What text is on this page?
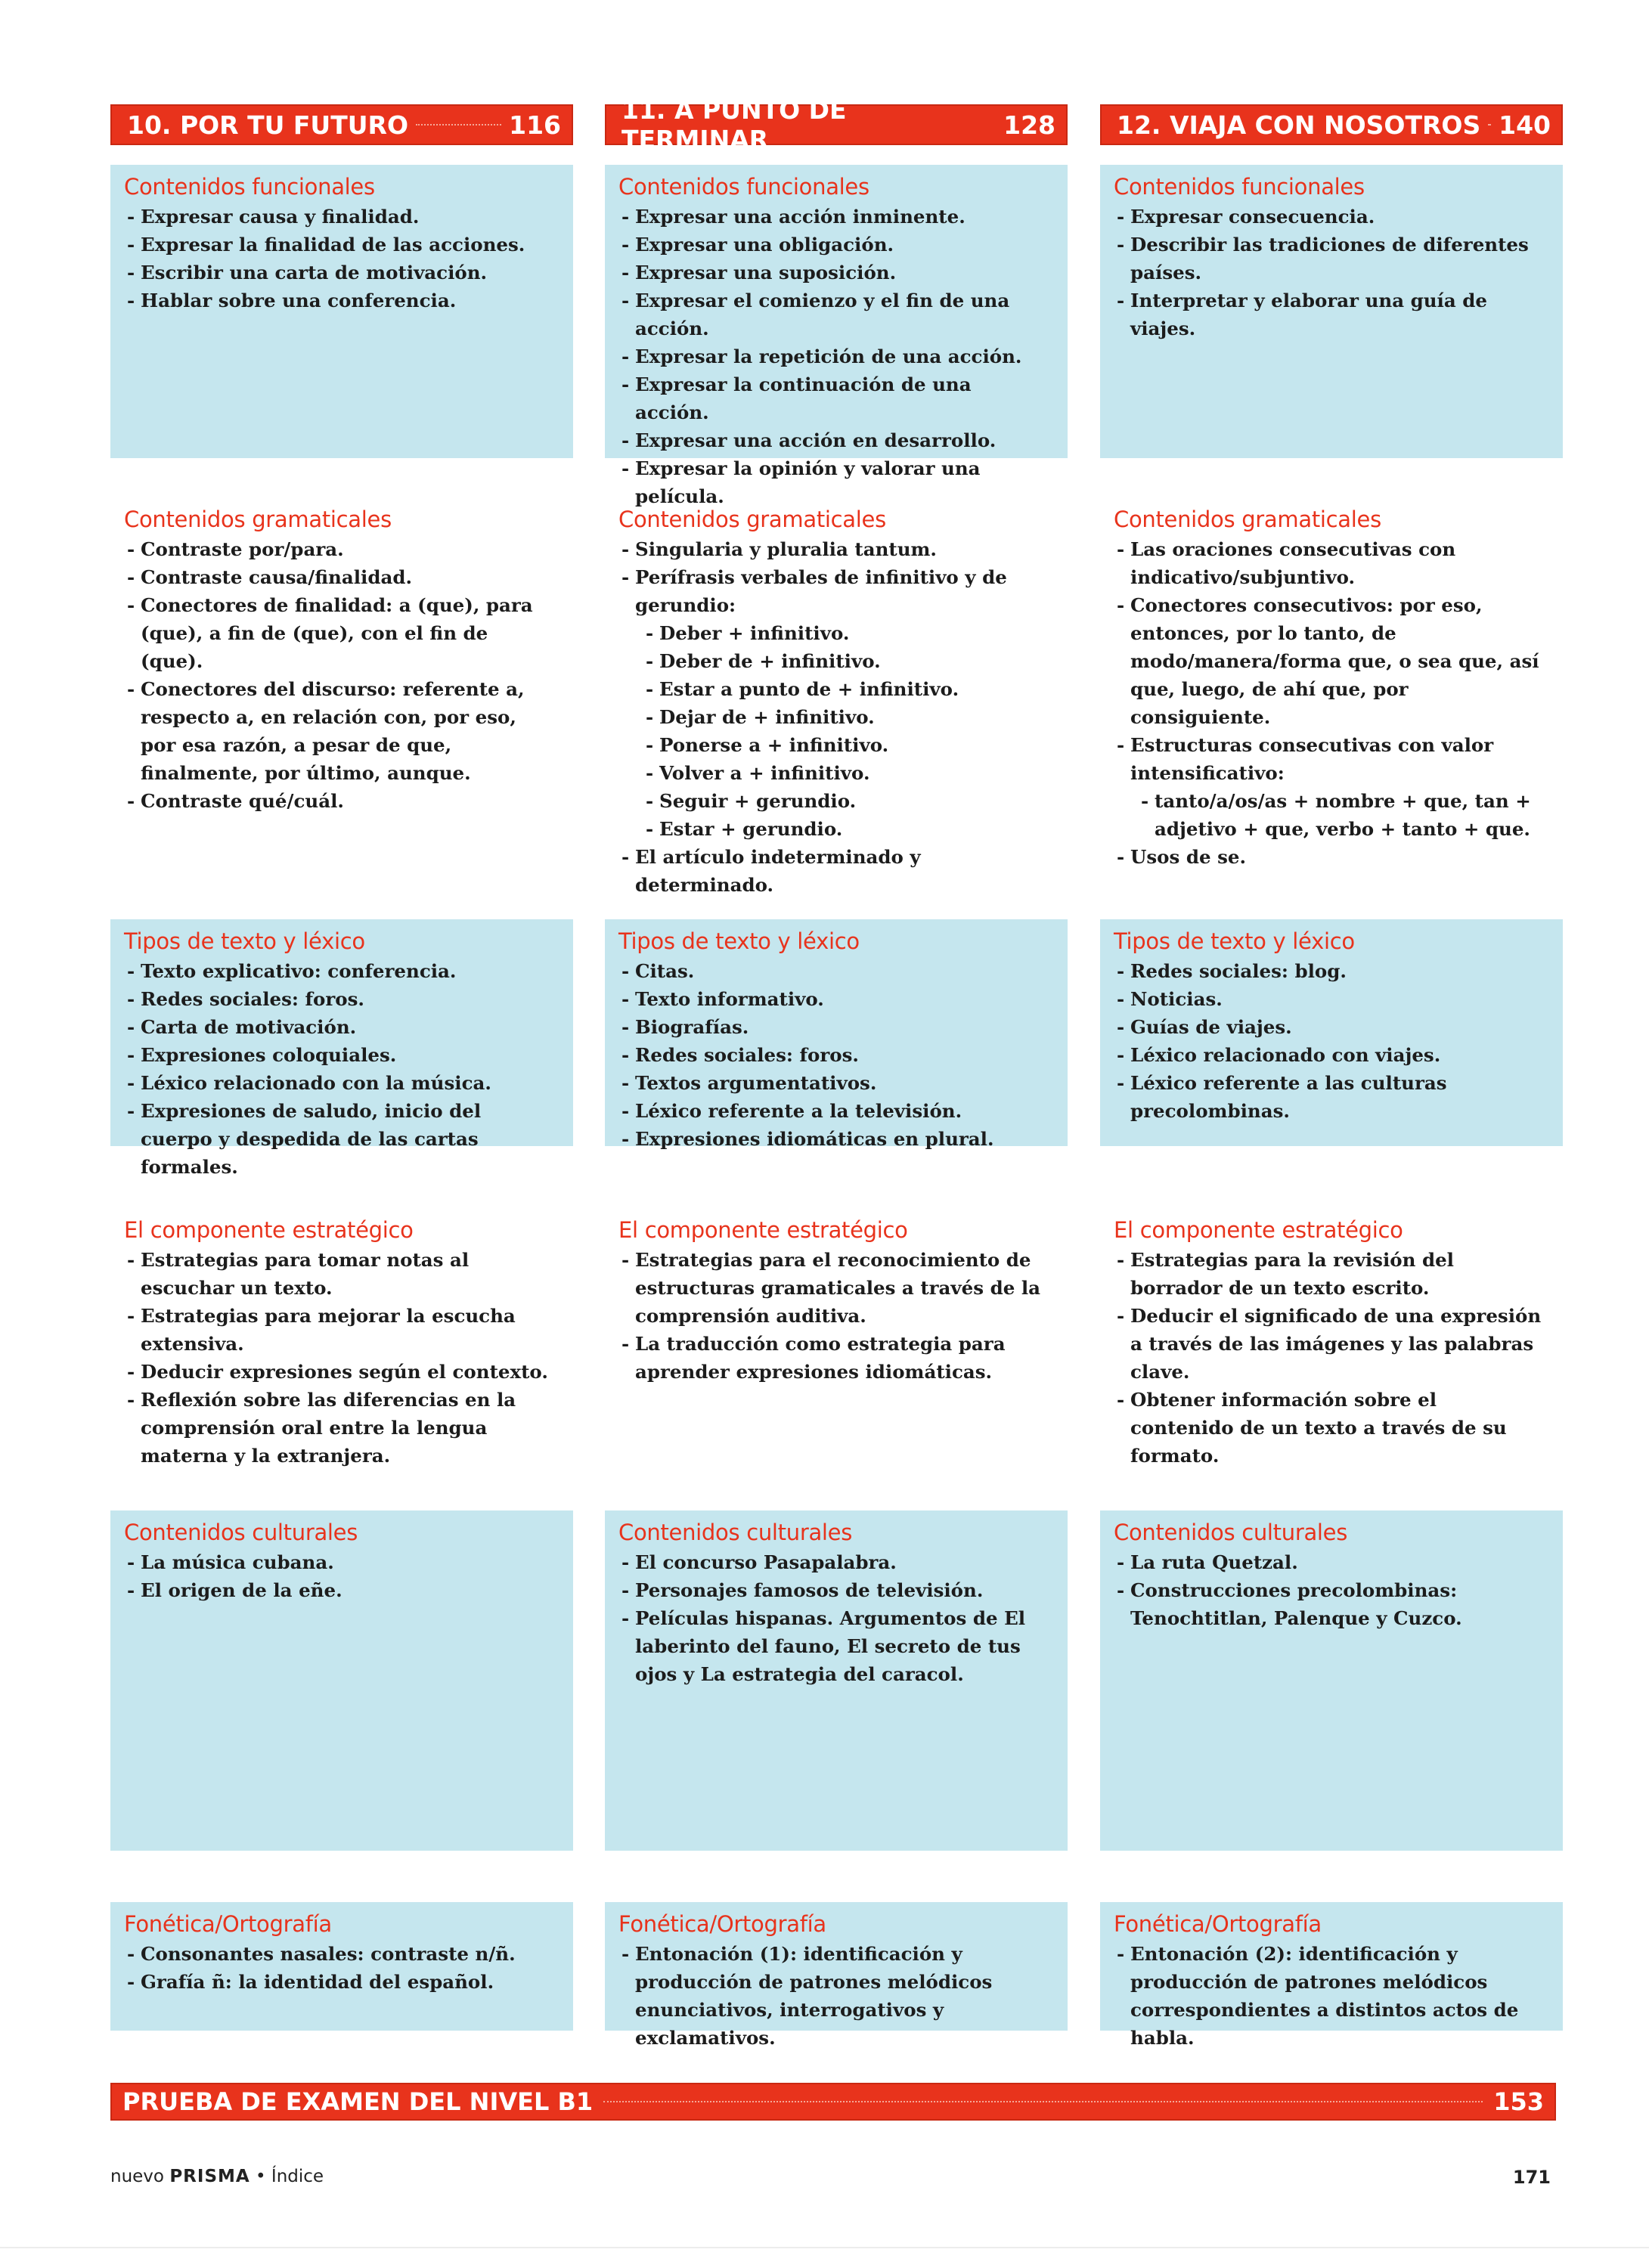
10. POR TU FUTURO	116
Contenidos funcionales
- Expresar causa y finalidad.
- Expresar la finalidad de las acciones.
- Escribir una carta de motivación.
- Hablar sobre una conferencia.
Contenidos gramaticales
- Contraste por/para.
- Contraste causa/finalidad.
- Conectores de finalidad: a (que), para (que), a fin de (que), con el fin de (que).
- Conectores del discurso: referente a, respecto a, en relación con, por eso, por esa razón, a pesar de que, finalmente, por último, aunque.
- Contraste qué/cuál.
Tipos de texto y léxico
- Texto explicativo: conferencia.
- Redes sociales: foros.
- Carta de motivación.
- Expresiones coloquiales.
- Léxico relacionado con la música.
- Expresiones de saludo, inicio del cuerpo y despedida de las cartas formales.
El componente estratégico
- Estrategias para tomar notas al escuchar un texto.
- Estrategias para mejorar la escucha extensiva.
- Deducir expresiones según el contexto.
- Reflexión sobre las diferencias en la comprensión oral entre la lengua materna y la extranjera.
Contenidos culturales
- La música cubana.
- El origen de la eñe.
Fonética/Ortografía
- Consonantes nasales: contraste n/ñ.
- Grafía ñ: la identidad del español.
11. A PUNTO DE TERMINAR	128
Contenidos funcionales
- Expresar una acción inminente.
- Expresar una obligación.
- Expresar una suposición.
- Expresar el comienzo y el fin de una acción.
- Expresar la repetición de una acción.
- Expresar la continuación de una acción.
- Expresar una acción en desarrollo.
- Expresar la opinión y valorar una película.
Contenidos gramaticales
- Singularia y pluralia tantum.
- Perífrasis verbales de infinitivo y de gerundio:
- Deber + infinitivo.
- Deber de + infinitivo.
- Estar a punto de + infinitivo.
- Dejar de + infinitivo.
- Ponerse a + infinitivo.
- Volver a + infinitivo.
- Seguir + gerundio.
- Estar + gerundio.
- El artículo indeterminado y determinado.
Tipos de texto y léxico
- Citas.
- Texto informativo.
- Biografías.
- Redes sociales: foros.
- Textos argumentativos.
- Léxico referente a la televisión.
- Expresiones idiomáticas en plural.
El componente estratégico
- Estrategias para el reconocimiento de estructuras gramaticales a través de la comprensión auditiva.
- La traducción como estrategia para aprender expresiones idiomáticas.
Contenidos culturales
- El concurso Pasapalabra.
- Personajes famosos de televisión.
- Películas hispanas. Argumentos de El laberinto del fauno, El secreto de tus ojos y La estrategia del caracol.
Fonética/Ortografía
- Entonación (1): identificación y producción de patrones melódicos enunciativos, interrogativos y exclamativos.
12. VIAJA CON NOSOTROS 140
Contenidos funcionales
- Expresar consecuencia.
- Describir las tradiciones de diferentes países.
- Interpretar y elaborar una guía de viajes.
Contenidos gramaticales
- Las oraciones consecutivas con indicativo/subjuntivo.
- Conectores consecutivos: por eso, entonces, por lo tanto, de modo/manera/forma que, o sea que, así que, luego, de ahí que, por consiguiente.
- Estructuras consecutivas con valor intensificativo:
- tanto/a/os/as + nombre + que, tan + adjetivo + que, verbo + tanto + que.
- Usos de se.
Tipos de texto y léxico
- Redes sociales: blog.
- Noticias.
- Guías de viajes.
- Léxico relacionado con viajes.
- Léxico referente a las culturas precolombinas.
El componente estratégico
- Estrategias para la revisión del borrador de un texto escrito.
- Deducir el significado de una expresión a través de las imágenes y las palabras clave.
- Obtener información sobre el contenido de un texto a través de su formato.
Contenidos culturales
- La ruta Quetzal.
- Construcciones precolombinas: Tenochtitlan, Palenque y Cuzco.
Fonética/Ortografía
- Entonación (2): identificación y producción de patrones melódicos correspondientes a distintos actos de habla.
PRUEBA DE EXAMEN DEL NIVEL B1	153
nuevo PRISMA • Índice	171
